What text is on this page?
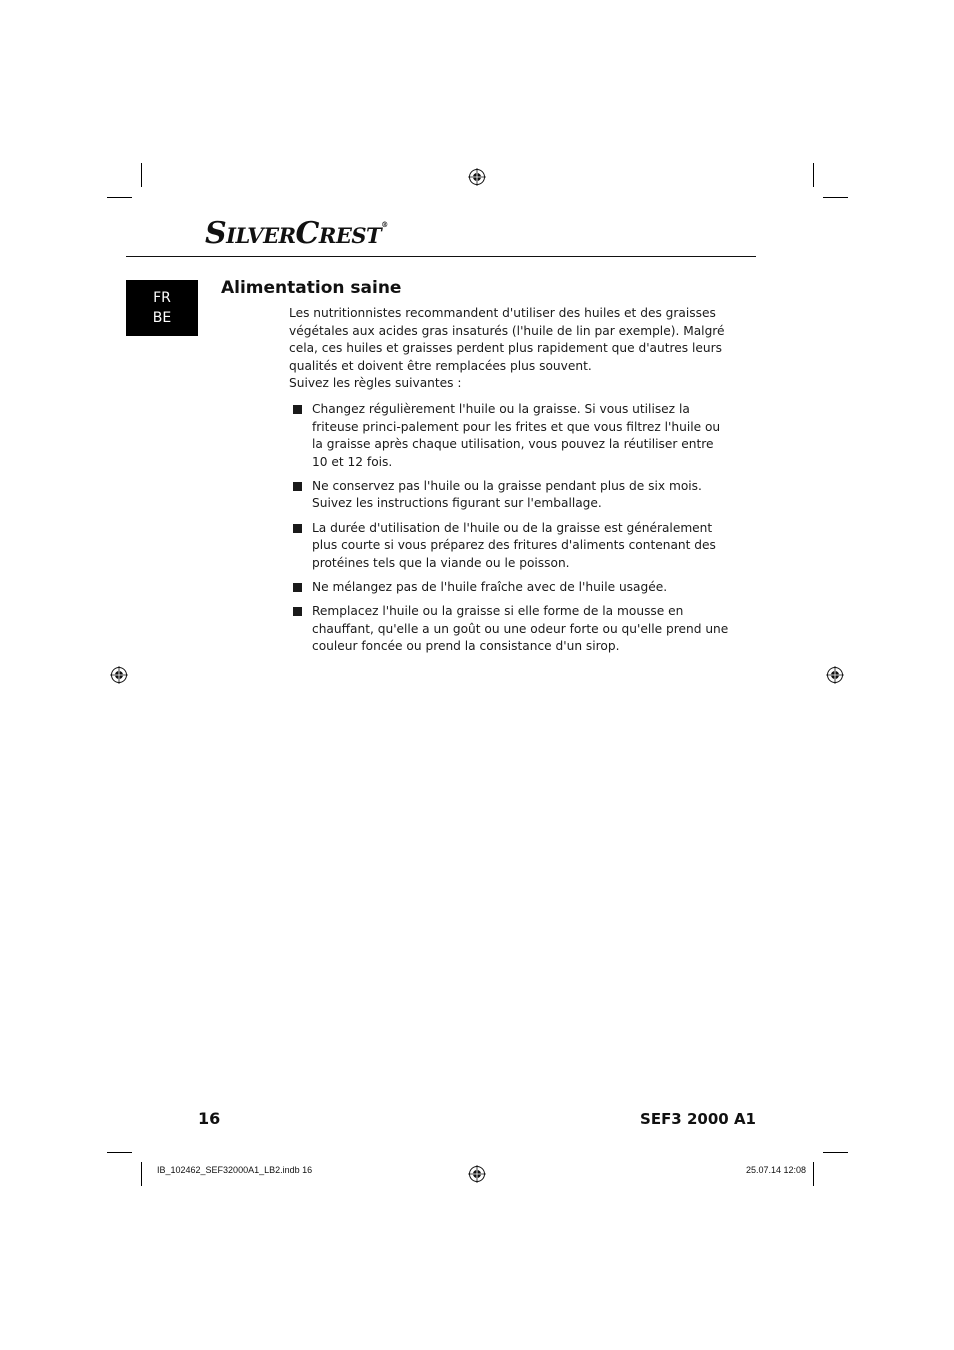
SILVERCREST®
FR
BE
Alimentation saine

Les nutritionnistes recommandent d'utiliser des huiles et des graisses végétales aux acides gras insaturés (l'huile de lin par exemple). Malgré cela, ces huiles et graisses perdent plus rapidement que d'autres leurs qualités et doivent être remplacées plus souvent.

Suivez les règles suivantes :

Changez régulièrement l'huile ou la graisse. Si vous utilisez la friteuse princi-palement pour les frites et que vous filtrez l'huile ou la graisse après chaque utilisation, vous pouvez la réutiliser entre 10 et 12 fois.
Ne conservez pas l'huile ou la graisse pendant plus de six mois. Suivez les instructions figurant sur l'emballage.
La durée d'utilisation de l'huile ou de la graisse est généralement plus courte si vous préparez des fritures d'aliments contenant des protéines tels que la viande ou le poisson.
Ne mélangez pas de l'huile fraîche avec de l'huile usagée.
Remplacez l'huile ou la graisse si elle forme de la mousse en chauffant, qu'elle a un goût ou une odeur forte ou qu'elle prend une couleur foncée ou prend la consistance d'un sirop.
16	SEF3 2000 A1
IB_102462_SEF32000A1_LB2.indb 16	25.07.14 12:08
